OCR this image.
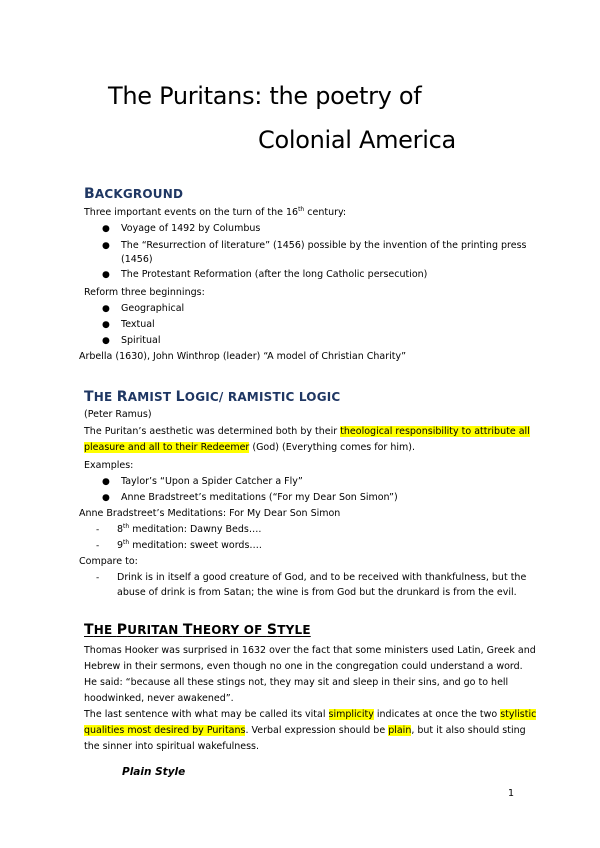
The Puritans: the poetry of
Colonial America
BACKGROUND

Three important events on the turn of the 16th century:

● Voyage of 1492 by Columbus

● The “Resurrection of literature” (1456) possible by the invention of the printing press

(1456)

● The Protestant Reformation (after the long Catholic persecution)

Reform three beginnings:

● Geographical

● Textual

● Spiritual

Arbella (1630), John Winthrop (leader) “A model of Christian Charity”

THE RAMIST LOGIC/ RAMISTIC LOGIC

(Peter Ramus)

The Puritan’s aesthetic was determined both by their theological responsibility to attribute all

pleasure and all to their Redeemer (God) (Everything comes for him).

Examples:

● Taylor’s “Upon a Spider Catcher a Fly”

● Anne Bradstreet’s meditations (“For my Dear Son Simon”)

Anne Bradstreet’s Meditations: For My Dear Son Simon

- 8th meditation: Dawny Beds….

- 9th meditation: sweet words….

Compare to:

- Drink is in itself a good creature of God, and to be received with thankfulness, but the

abuse of drink is from Satan; the wine is from God but the drunkard is from the evil.

THE PURITAN THEORY OF STYLE

Thomas Hooker was surprised in 1632 over the fact that some ministers used Latin, Greek and

Hebrew in their sermons, even though no one in the congregation could understand a word.

He said: “because all these stings not, they may sit and sleep in their sins, and go to hell

hoodwinked, never awakened”.

The last sentence with what may be called its vital simplicity indicates at once the two stylistic

qualities most desired by Puritans. Verbal expression should be plain, but it also should sting

the sinner into spiritual wakefulness.

Plain Style

1
